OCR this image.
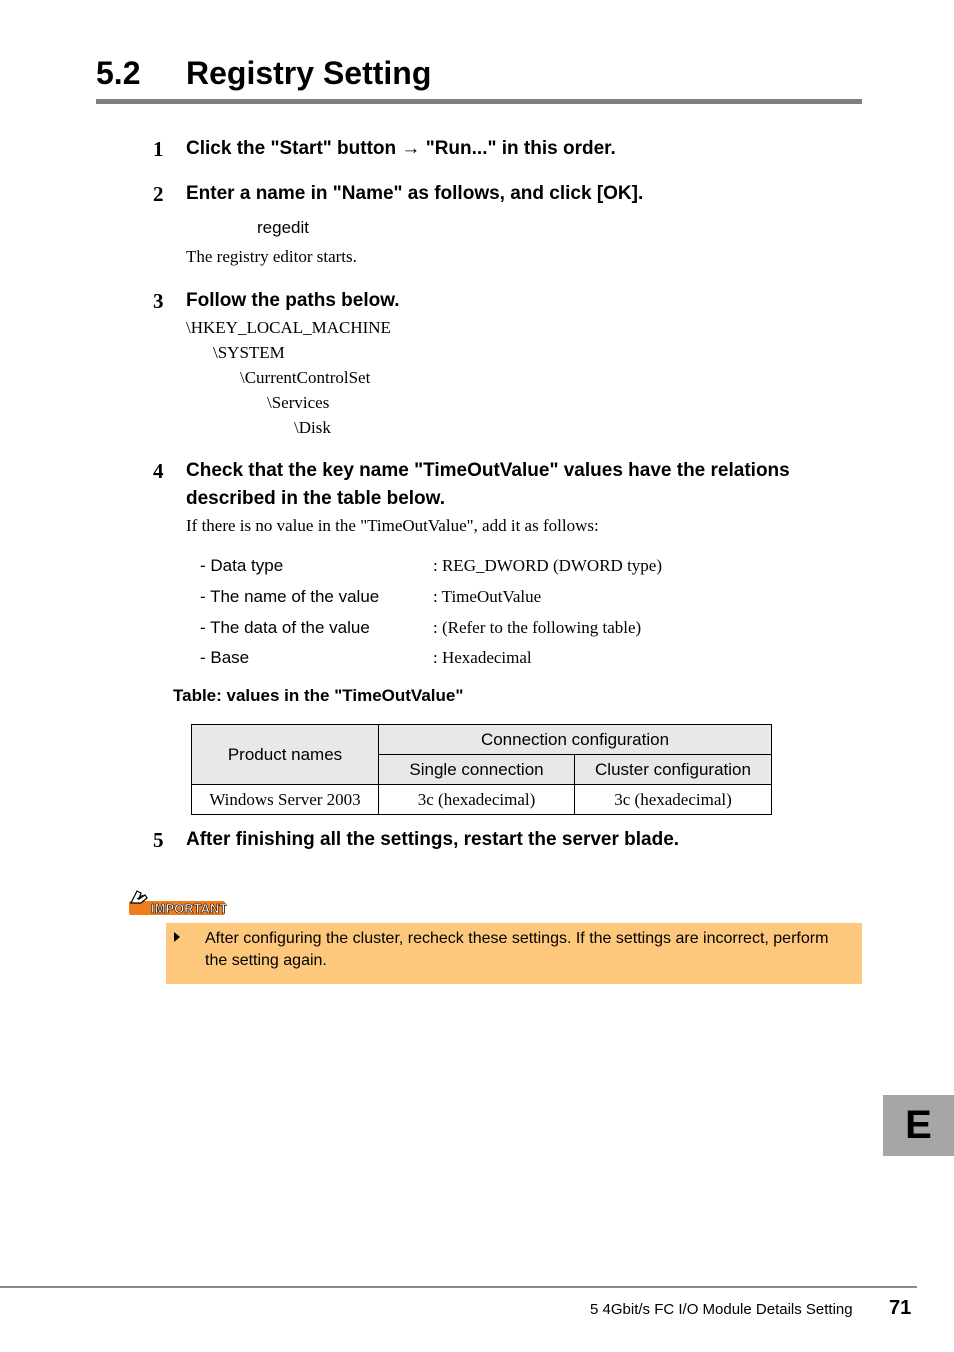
5.2 Registry Setting
1 Click the "Start" button → "Run..." in this order.
2 Enter a name in "Name" as follows, and click [OK].
regedit
The registry editor starts.
3 Follow the paths below.
\HKEY_LOCAL_MACHINE
\SYSTEM
\CurrentControlSet
\Services
\Disk
4 Check that the key name "TimeOutValue" values have the relations
described in the table below.
If there is no value in the "TimeOutValue", add it as follows:
- Data type	: REG_DWORD (DWORD type)
- The name of the value	: TimeOutValue
- The data of the value	: (Refer to the following table)
- Base	: Hexadecimal
Table: values in the "TimeOutValue"
Product names	Connection configuration	
	Single connection	Cluster configuration
Windows Server 2003	3c (hexadecimal)	3c (hexadecimal)
5 After finishing all the settings, restart the server blade.
IMPORTANT
After configuring the cluster, recheck these settings. If the settings are incorrect, perform the setting again.
E
5 4Gbit/s FC I/O Module Details Setting 71
